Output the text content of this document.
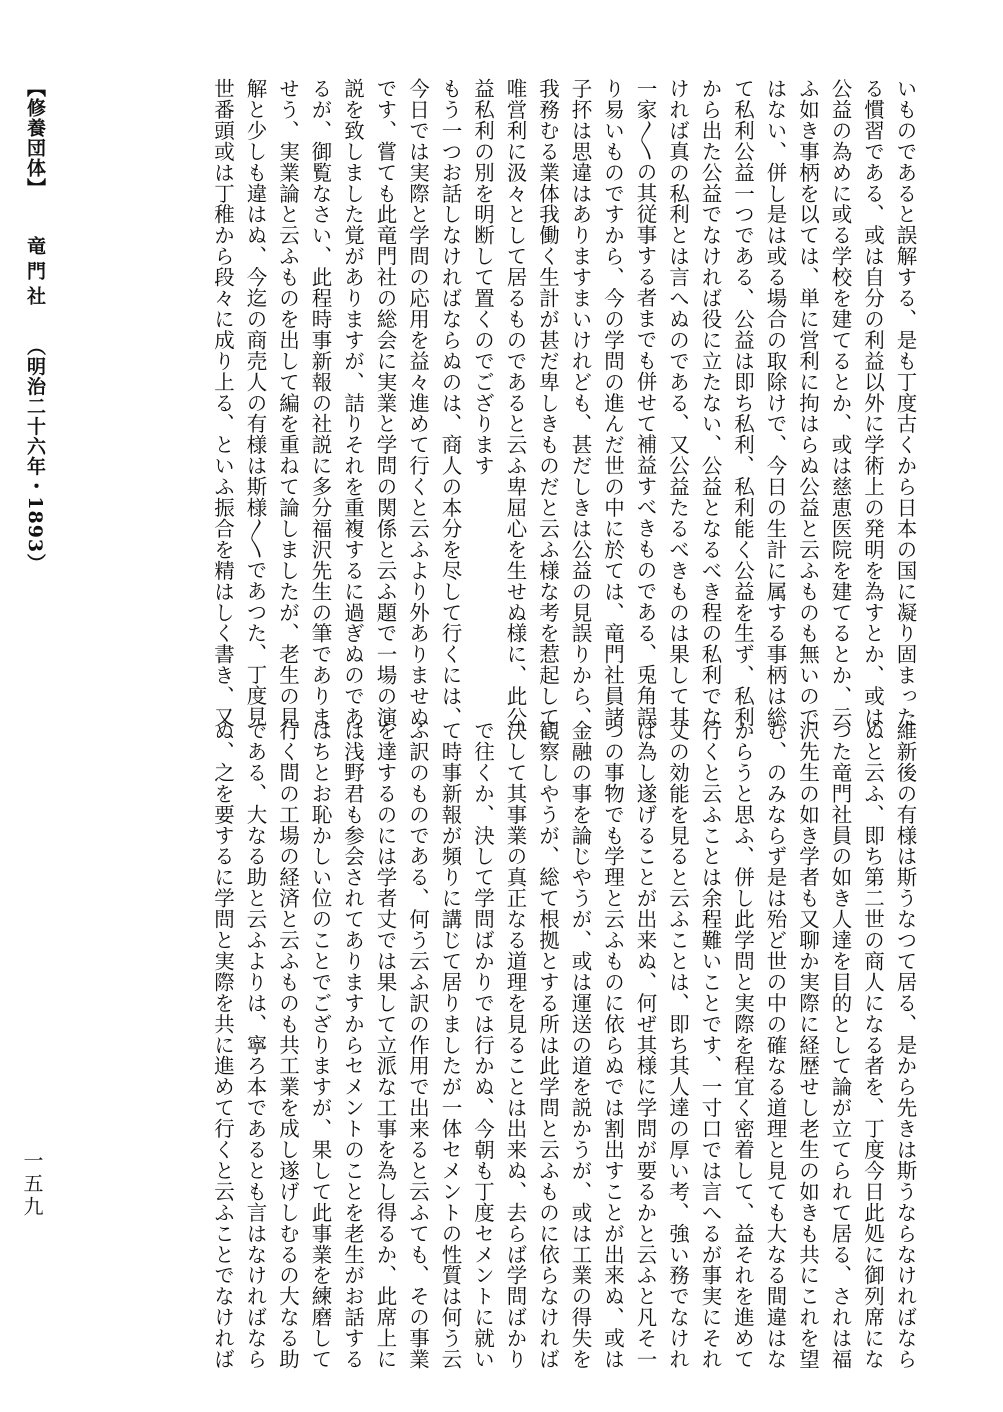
いものであると誤解する、是も丁度古くから日本の国に凝り固まった
る慣習である、或は自分の利益以外に学術上の発明を為すとか、或は
公益の為めに或る学校を建てるとか、或は慈恵医院を建てるとか、云
ふ如き事柄を以ては、単に営利に拘はらぬ公益と云ふものも無いので
はない、併し是は或る場合の取除けで、今日の生計に属する事柄は総
て私利公益一つである、公益は即ち私利、私利能く公益を生ず、私利
から出た公益でなければ役に立たない、公益となるべき程の私利でな
ければ真の私利とは言へぬのである、又公益たるべきものは果して其
一家〳〵の其従事する者までも併せて補益すべきものである、兎角誤
り易いものですから、今の学問の進んだ世の中に於ては、竜門社員諸
子抔は思違はありますまいけれども、甚だしきは公益の見誤りから、
我務むる業体我働く生計が甚だ卑しきものだと云ふ様な考を惹起して
唯営利に汲々として居るものであると云ふ卑屈心を生せぬ様に、此公
益私利の別を明断して置くのでござります
もう一つお話しなければならぬのは、商人の本分を尽して行くには、
今日では実際と学問の応用を益々進めて行くと云ふより外ありませぬ
です、嘗ても此竜門社の総会に実業と学問の関係と云ふ題で一場の演
説を致しました覚がありますが、詰りそれを重複するに過ぎぬのであ
るが、御覧なさい、此程時事新報の社説に多分福沢先生の筆でありま
せう、実業論と云ふものを出して編を重ねて論しましたが、老生の見
解と少しも違はぬ、今迄の商売人の有様は斯様〳〵であつた、丁度見
世番頭或は丁稚から段々に成り上る、といふ振合を精はしく書き、又
維新後の有様は斯うなつて居る、是から先きは斯うならなければなら
ぬと云ふ、即ち第二世の商人になる者を、丁度今日此処に御列席にな
つた竜門社員の如き人達を目的として論が立てられて居る、されは福
沢先生の如き学者も又聊か実際に経歴せし老生の如きも共にこれを望
む、のみならず是は殆ど世の中の確なる道理と見ても大なる間違はな
からうと思ふ、併し此学問と実際を程宜く密着して、益それを進めて
行くと云ふことは余程難いことです、一寸口では言へるが事実にそれ
丈の効能を見ると云ふことは、即ち其人達の厚い考、強い務でなけれ
ば為し遂げることが出来ぬ、何ぜ其様に学問が要るかと云ふと凡そ一
つの事物でも学理と云ふものに依らぬでは割出すことが出来ぬ、或は
金融の事を論じやうが、或は運送の道を説かうが、或は工業の得失を
観察しやうが、総て根拠とする所は此学問と云ふものに依らなければ
決して其事業の真正なる道理を見ることは出来ぬ、去らば学問ばかり
で往くか、決して学問ばかりでは行かぬ、今朝も丁度セメントに就い
て時事新報が頻りに講じて居りましたが一体セメントの性質は何う云
ふ訳のものである、何う云ふ訳の作用で出来ると云ふても、その事業
を達するのには学者丈では果して立派な工事を為し得るか、此席上に
は浅野君も参会されてありますからセメントのことを老生がお話する
はちとお恥かしい位のことでござりますが、果して此事業を練磨して
行く間の工場の経済と云ふものも共工業を成し遂げしむるの大なる助
である、大なる助と云ふよりは、寧ろ本であるとも言はなければなら
ぬ、之を要するに学問と実際を共に進めて行くと云ふことでなければ
【修養団体】 竜門社 （明治二十六年・1893）
一五九
